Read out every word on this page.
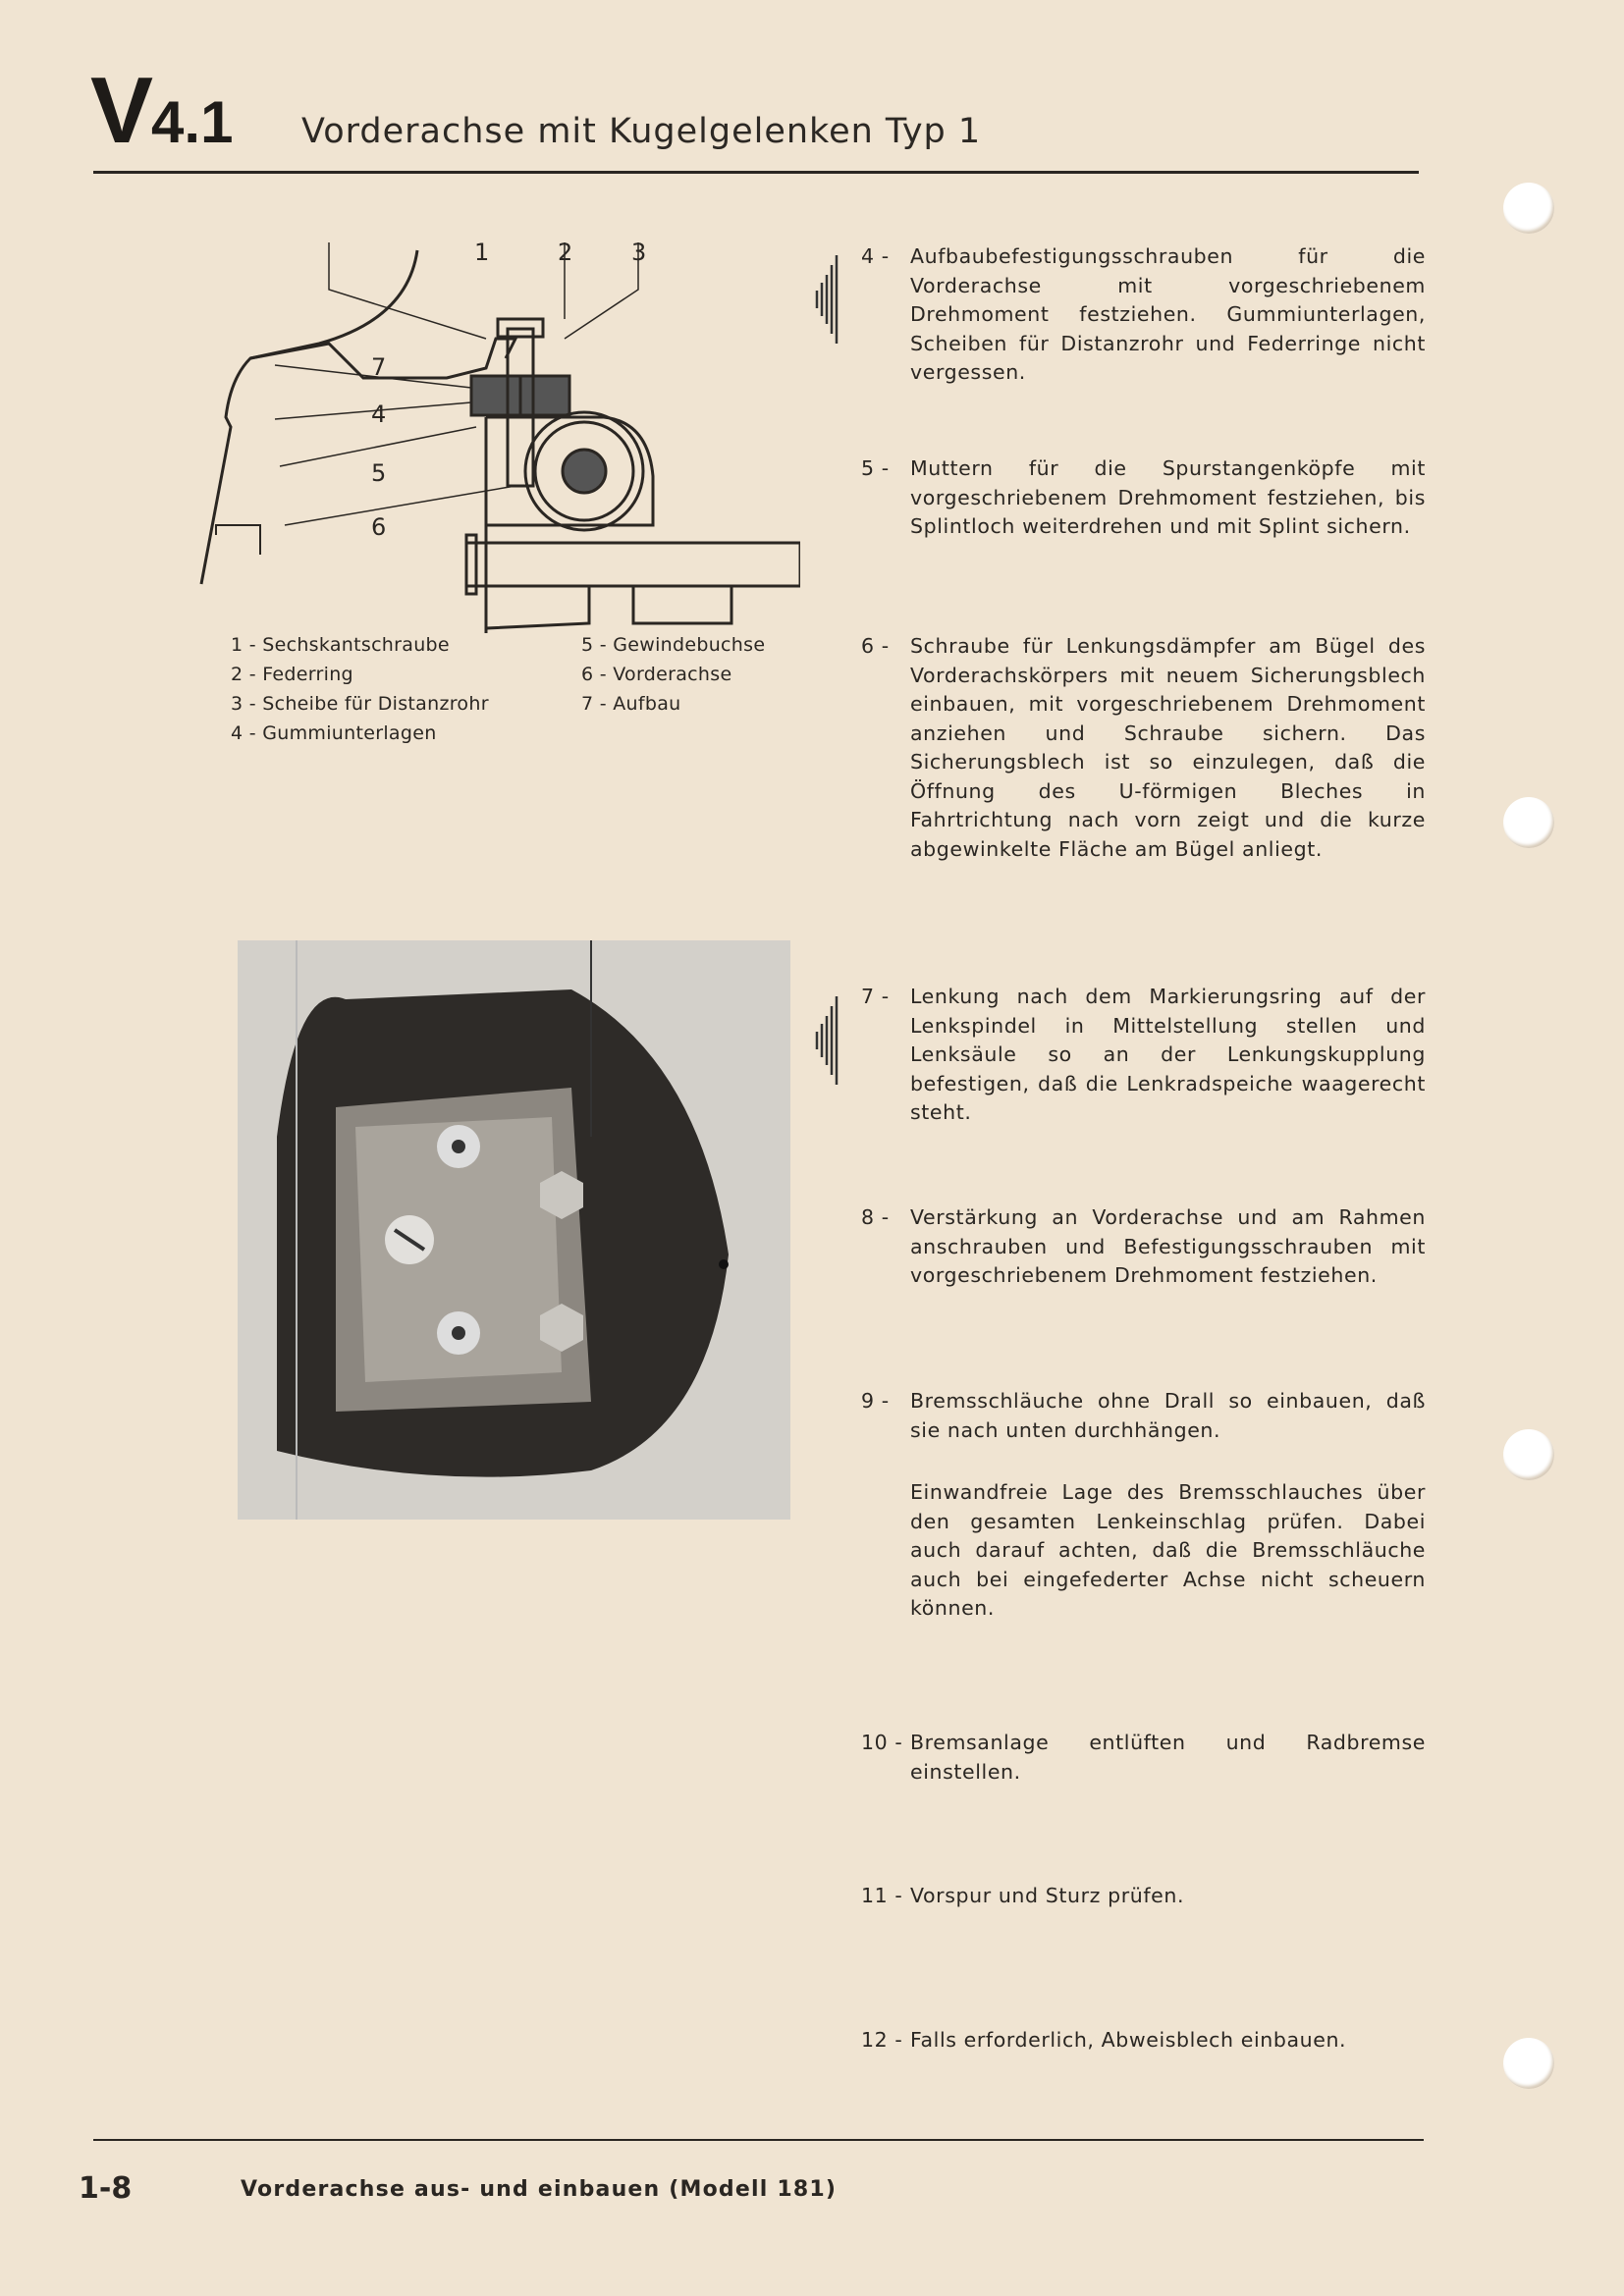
V4.1 Vorderachse mit Kugelgelenken Typ 1
1	2 3
4
5
6
7
1 - Sechskantschraube
2 - Federring
3 - Scheibe für Distanzrohr
4 - Gummiunterlagen
5 - Gewindebuchse
6 - Vorderachse
7 - Aufbau
4 -	Aufbaubefestigungsschrauben für die Vorderachse mit vorgeschriebenem Drehmoment festziehen. Gummiunterlagen, Scheiben für Distanzrohr und Federringe nicht vergessen.
5 -	Muttern für die Spurstangenköpfe mit vorgeschriebenem Drehmoment festziehen, bis Splintloch weiterdrehen und mit Splint sichern.
6 -	Schraube für Lenkungsdämpfer am Bügel des Vorderachskörpers mit neuem Sicherungsblech einbauen, mit vorgeschriebenem Drehmoment anziehen und Schraube sichern. Das Sicherungsblech ist so einzulegen, daß die Öffnung des U-förmigen Bleches in Fahrtrichtung nach vorn zeigt und die kurze abgewinkelte Fläche am Bügel anliegt.
7 -	Lenkung nach dem Markierungsring auf der Lenkspindel in Mittelstellung stellen und Lenksäule so an der Lenkungskupplung befestigen, daß die Lenkradspeiche waagerecht steht.
8 -	Verstärkung an Vorderachse und am Rahmen anschrauben und Befestigungsschrauben mit vorgeschriebenem Drehmoment festziehen.
9 -	Bremsschläuche ohne Drall so einbauen, daß sie nach unten durchhängen.
Einwandfreie Lage des Bremsschlauches über den gesamten Lenkeinschlag prüfen. Dabei auch darauf achten, daß die Bremsschläuche auch bei eingefederter Achse nicht scheuern können.
10 - Bremsanlage entlüften und Radbremse einstellen.
11 - Vorspur und Sturz prüfen.
12 - Falls erforderlich, Abweisblech einbauen.
1-8	Vorderachse aus- und einbauen (Modell 181)
